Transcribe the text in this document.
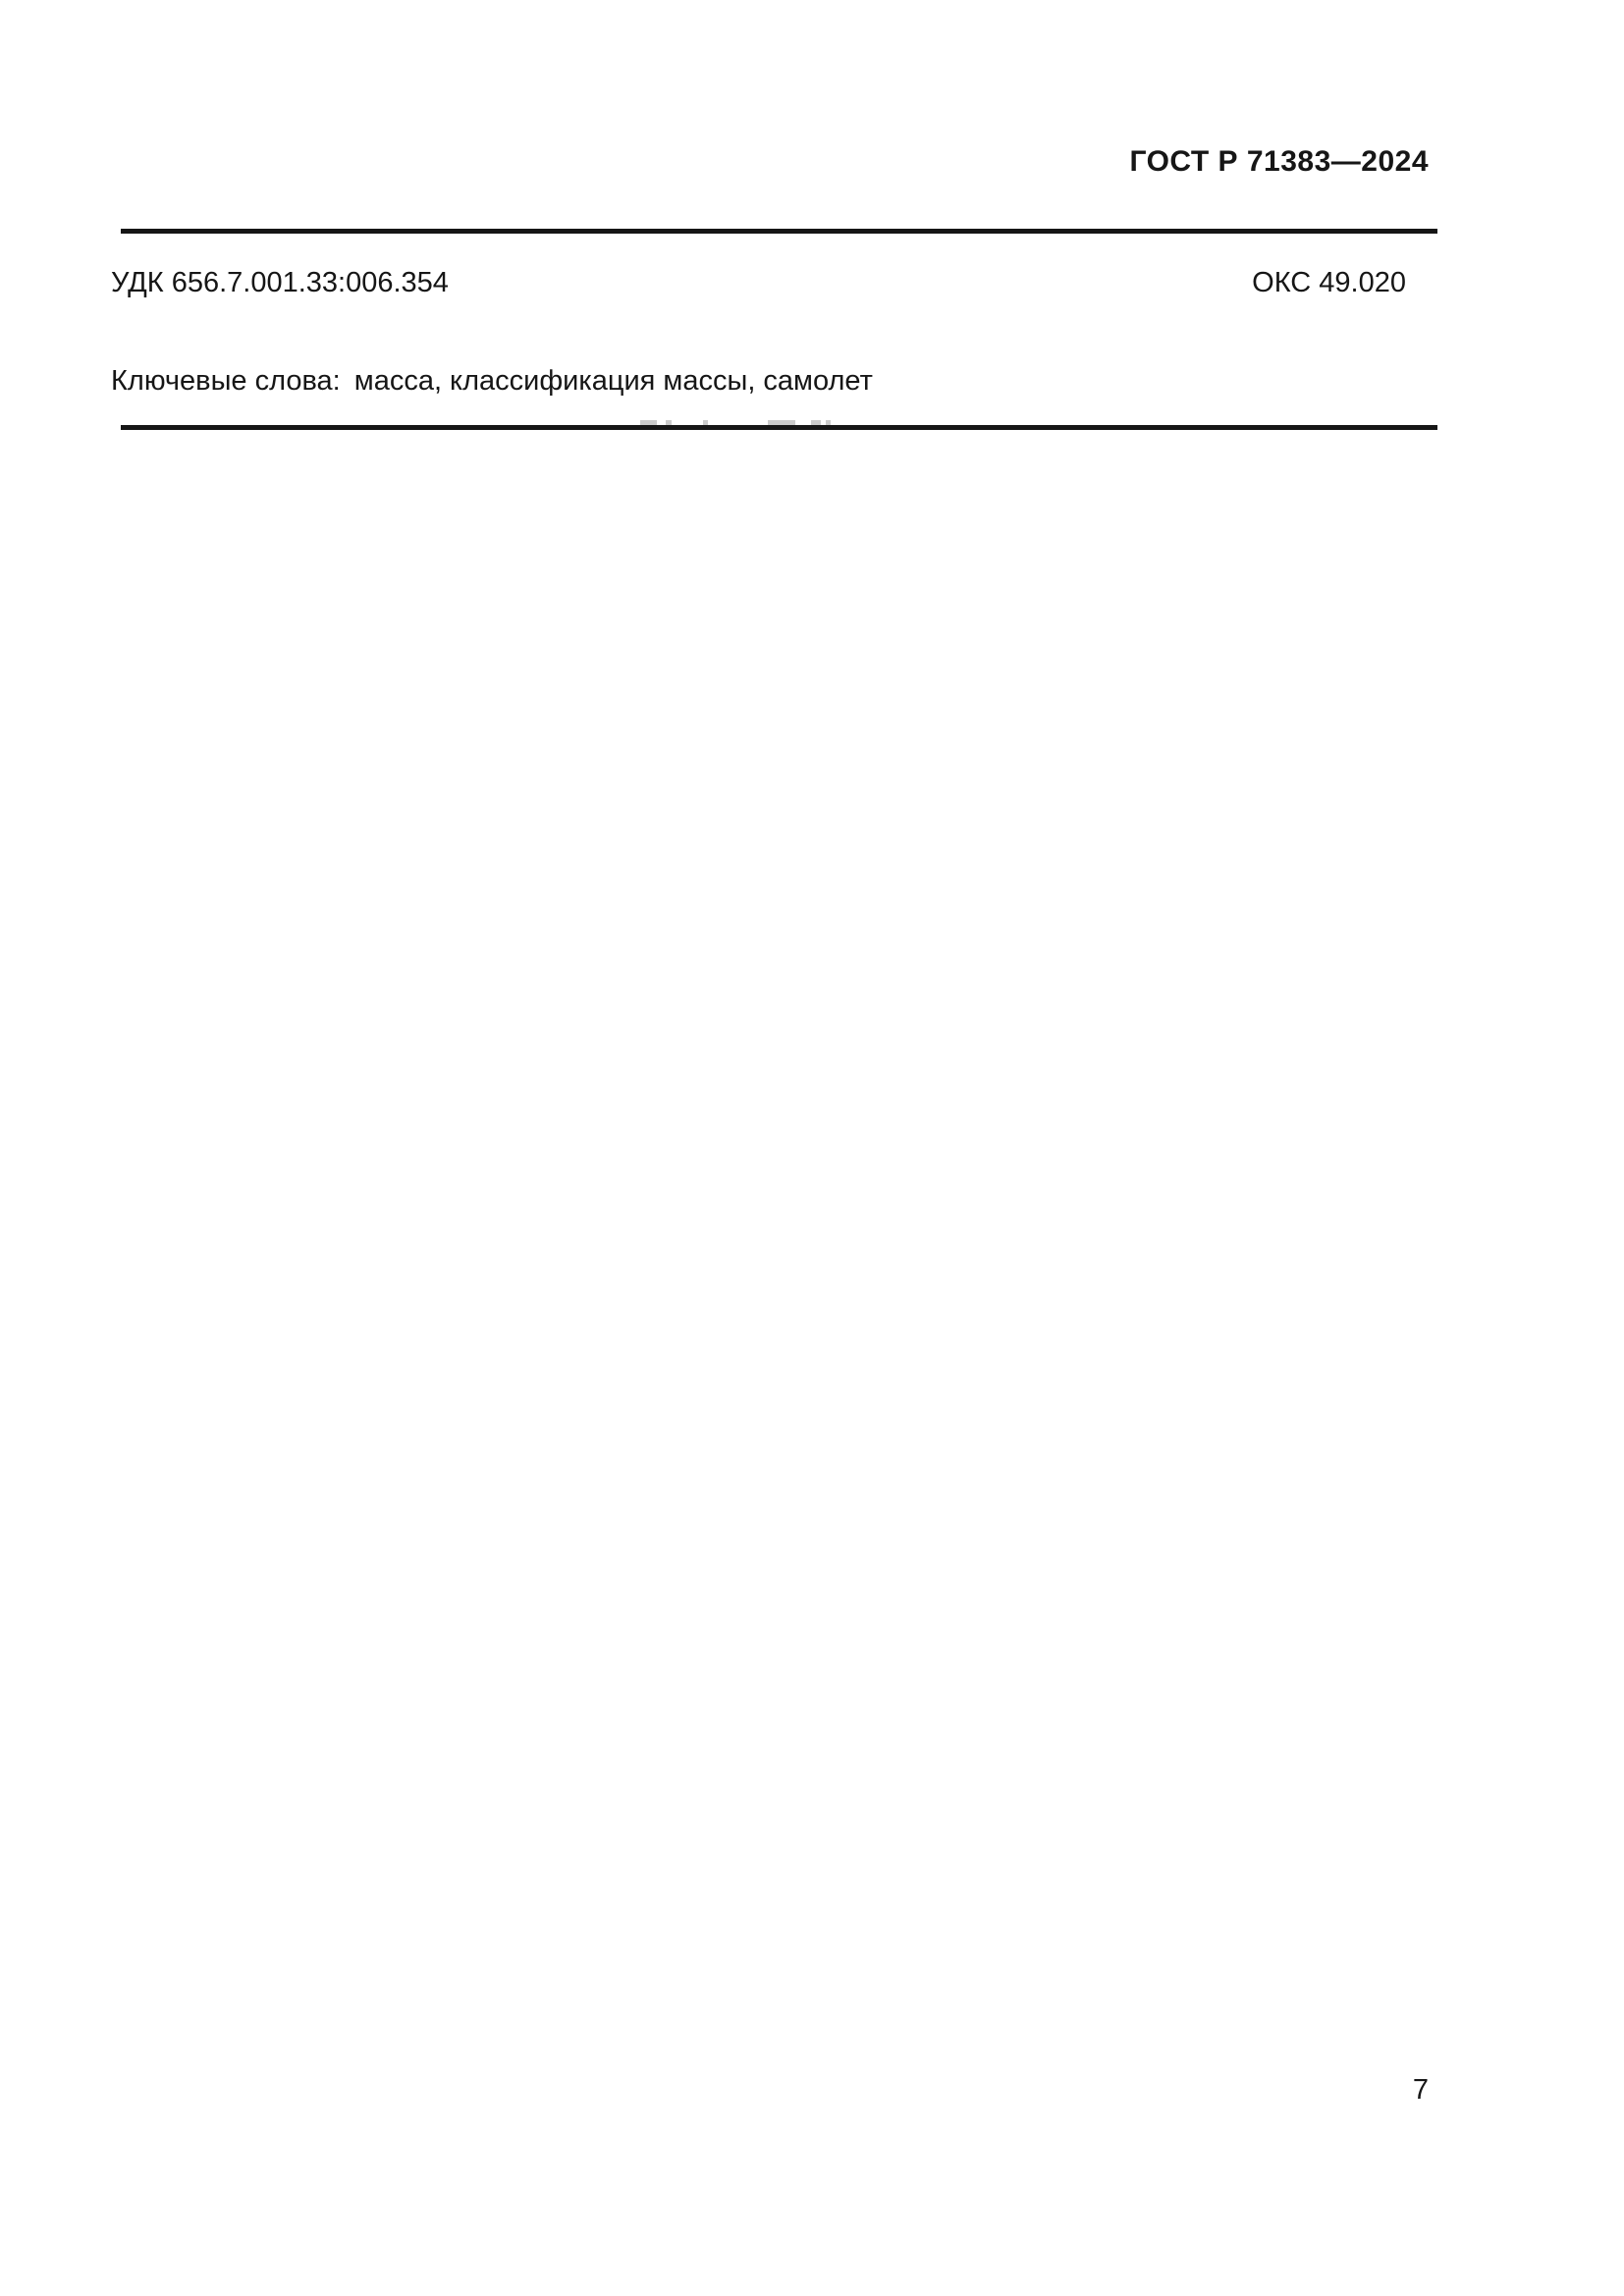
ГОСТ Р 71383—2024
УДК 656.7.001.33:006.354	ОКС 49.020
Ключевые слова: масса, классификация массы, самолет
7
